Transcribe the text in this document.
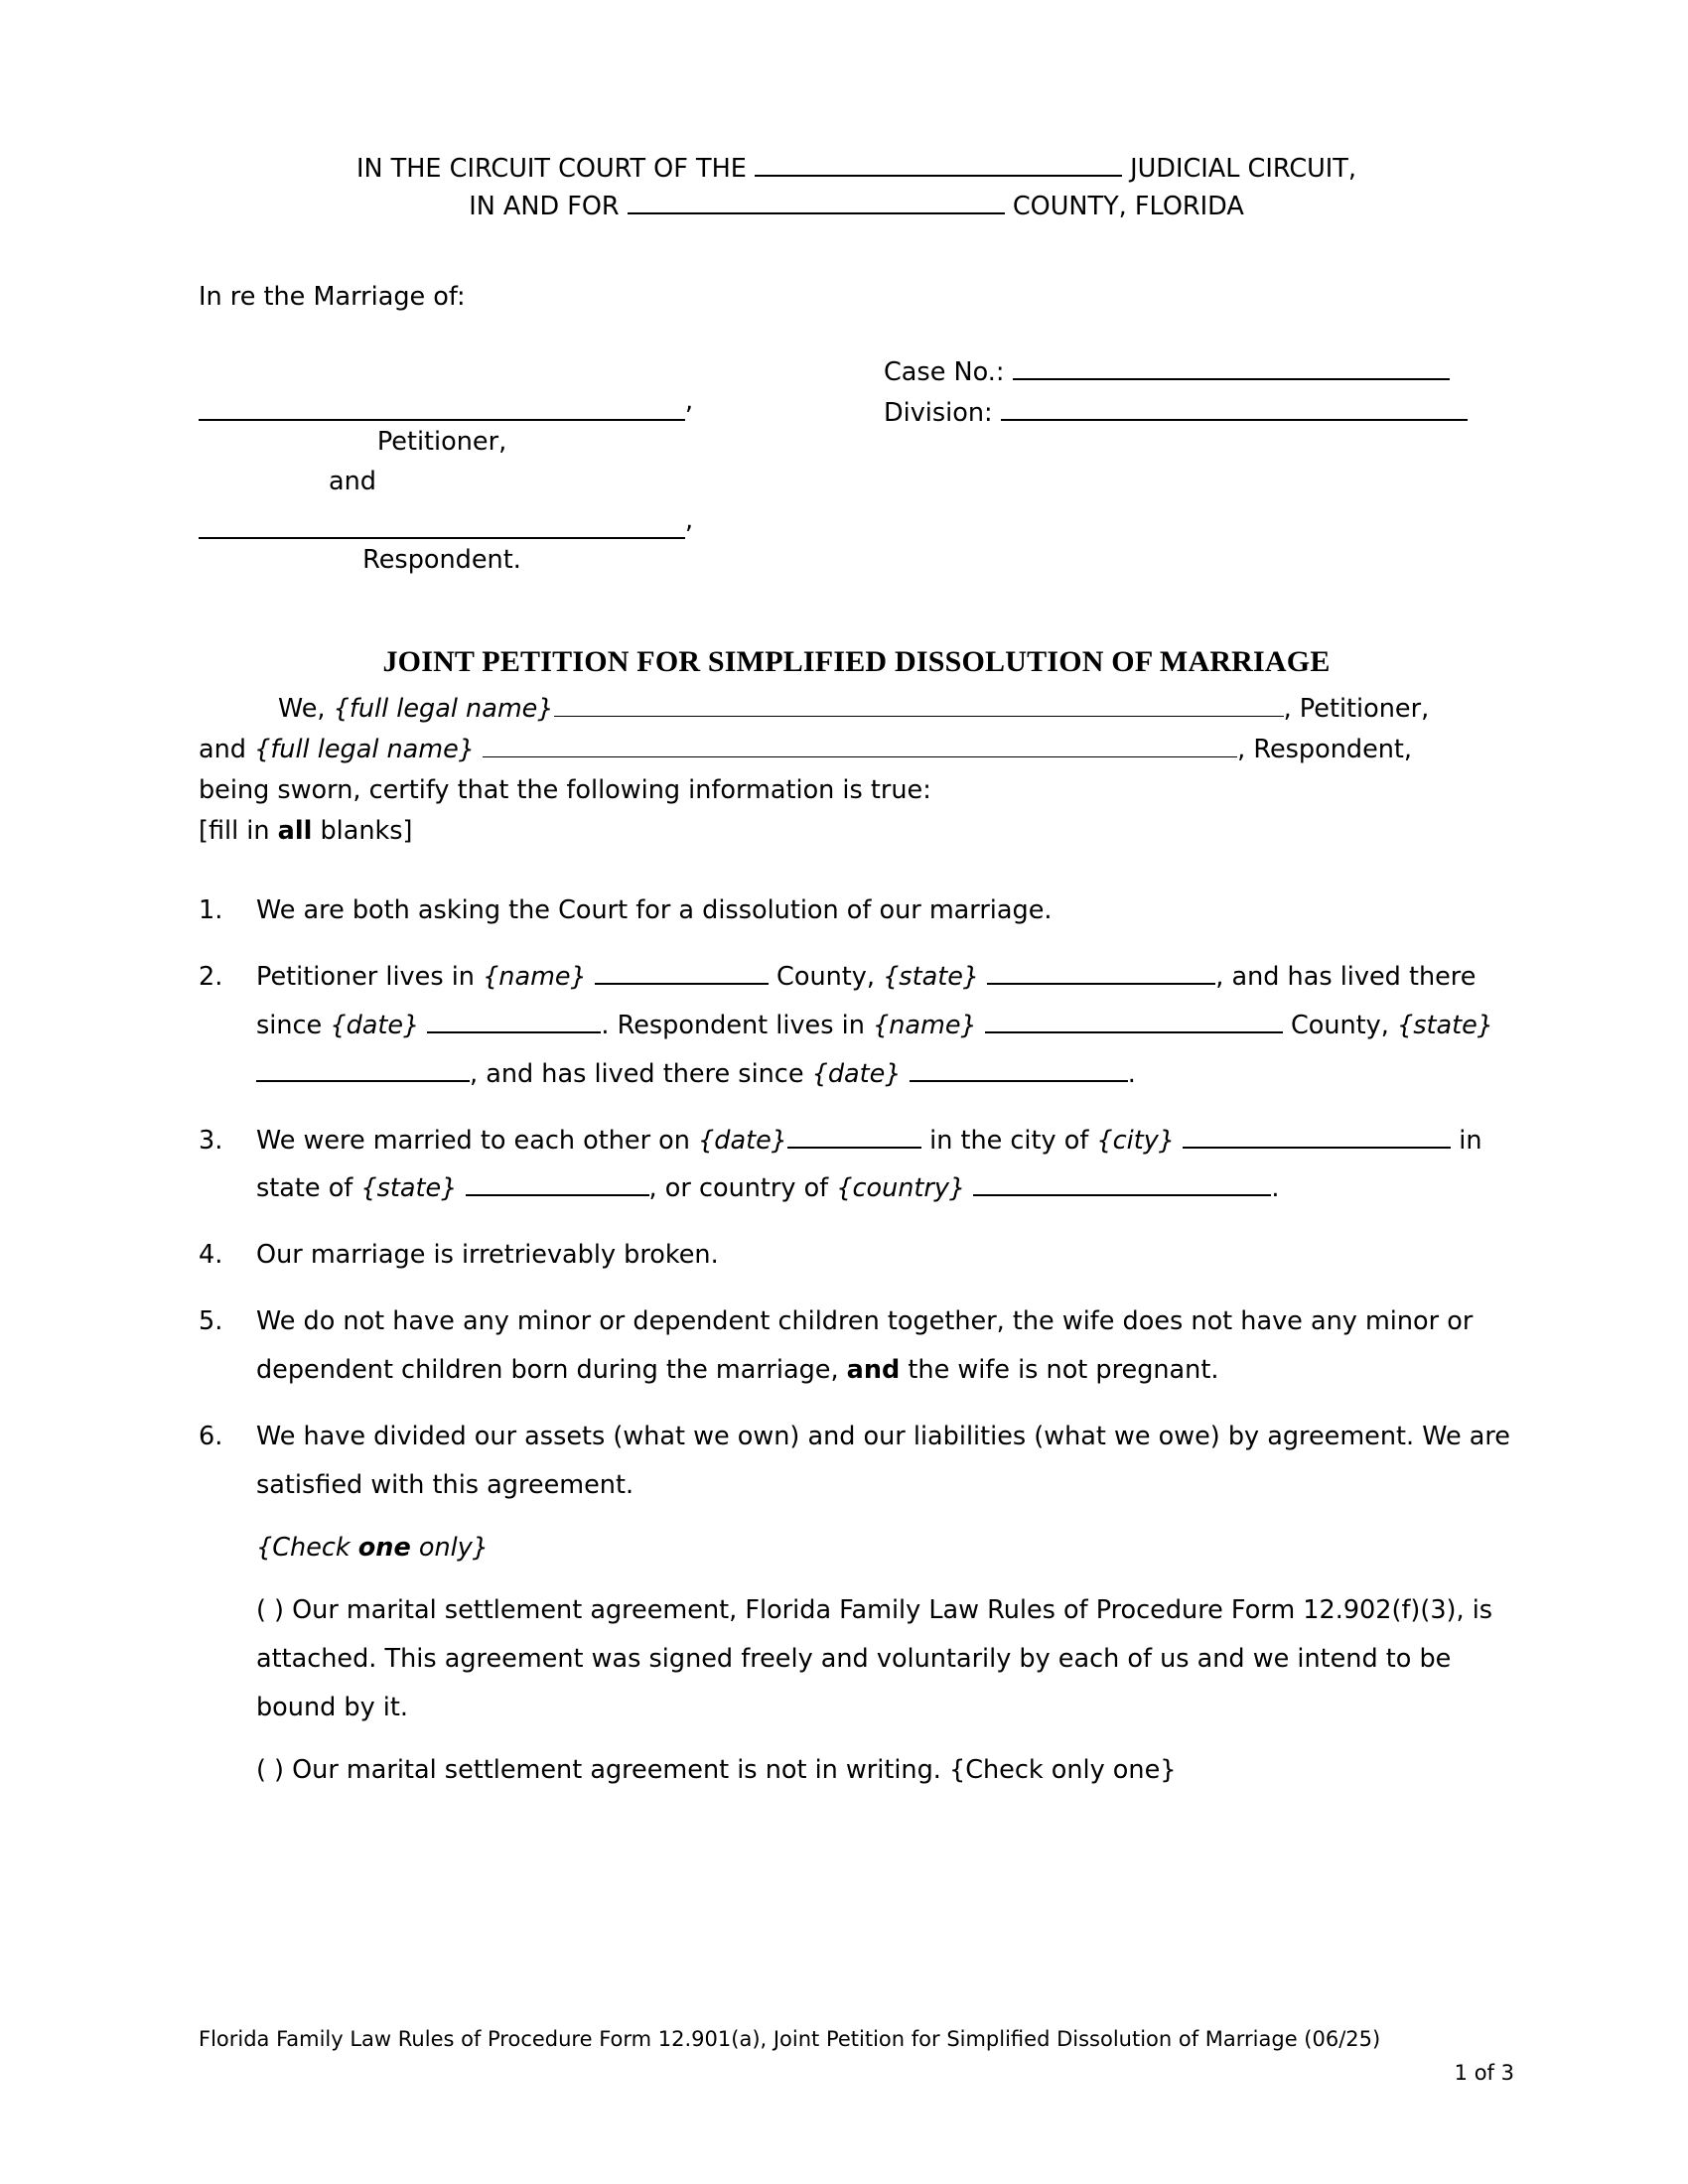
IN THE CIRCUIT COURT OF THE	JUDICIAL CIRCUIT,
IN AND FOR	COUNTY, FLORIDA
In re the Marriage of:
Case No.:
Division:
,
Petitioner,
and
,
Respondent.
JOINT PETITION FOR SIMPLIFIED DISSOLUTION OF MARRIAGE
We, {full legal name}	, Petitioner,
and {full legal name}	, Respondent,
being sworn, certify that the following information is true:
[fill in all blanks]
1.	We are both asking the Court for a dissolution of our marriage.
2.	Petitioner lives in {name}	County, {state}	, and has lived there since {date}	. Respondent lives in {name}	County, {state} , and has lived there since {date}	.
3.	We were married to each other on {date}	in the city of {city}	in state of {state}	, or country of {country}	.
4.	Our marriage is irretrievably broken.
5.	We do not have any minor or dependent children together, the wife does not have any minor or dependent children born during the marriage, and the wife is not pregnant.
6.	We have divided our assets (what we own) and our liabilities (what we owe) by agreement. We are satisfied with this agreement.
{Check one only}
( ) Our marital settlement agreement, Florida Family Law Rules of Procedure Form 12.902(f)(3), is attached. This agreement was signed freely and voluntarily by each of us and we intend to be bound by it.
( ) Our marital settlement agreement is not in writing. {Check only one}
Florida Family Law Rules of Procedure Form 12.901(a), Joint Petition for Simplified Dissolution of Marriage (06/25)
1 of 3
